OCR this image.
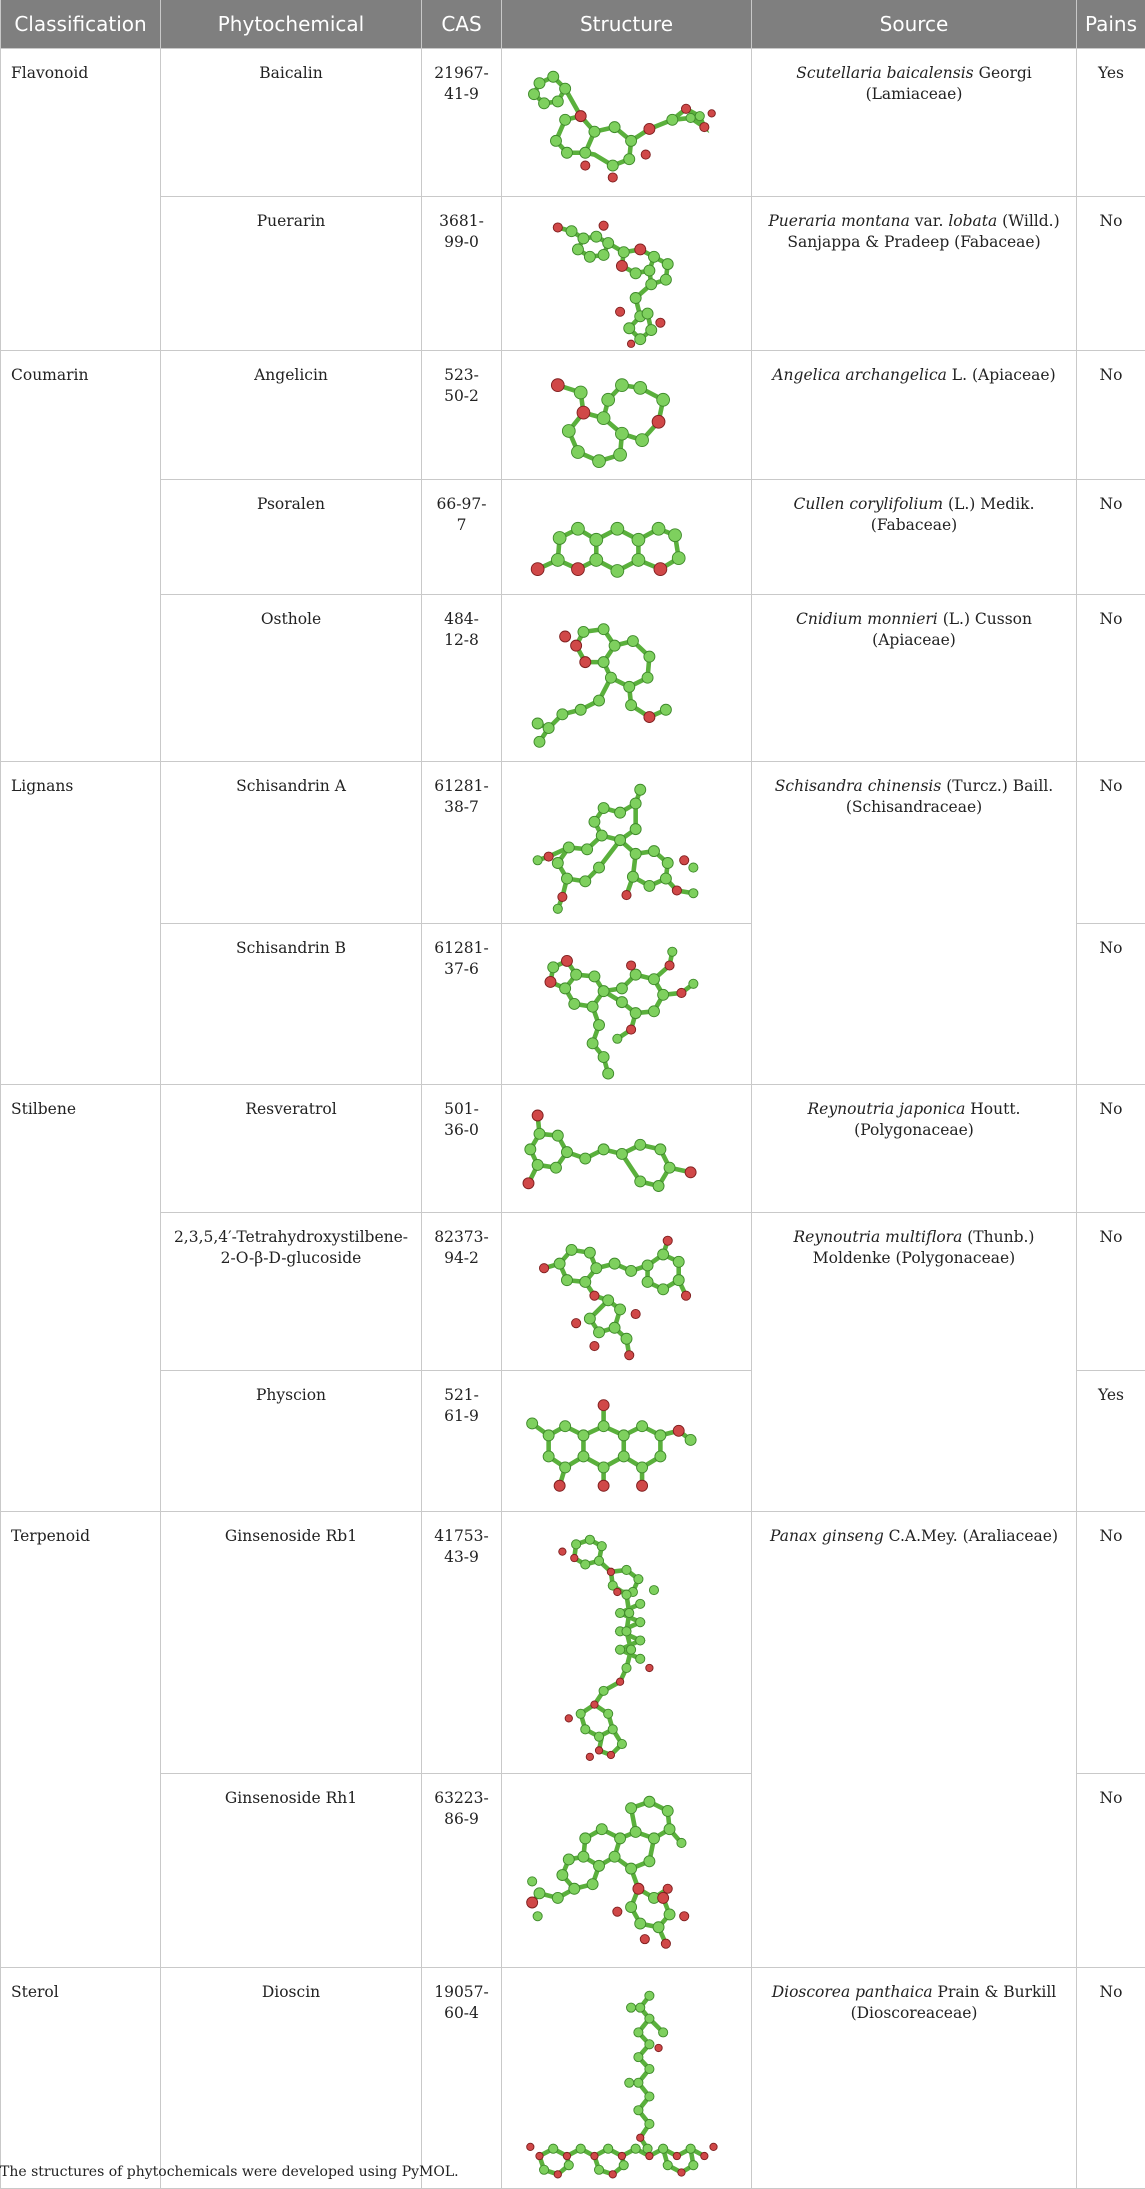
Classification	Phytochemical	CAS	Structure	Source	Pains
Flavonoid	Baicalin	21967-41-9		Scutellaria baicalensis Georgi (Lamiaceae)	Yes
	Puerarin	3681-99-0		Pueraria montana var. lobata (Willd.) Sanjappa & Pradeep (Fabaceae)	No
Coumarin	Angelicin	523-50-2		Angelica archangelica L. (Apiaceae)	No
	Psoralen	66-97-7		Cullen corylifolium (L.) Medik. (Fabaceae)	No
	Osthole	484-12-8		Cnidium monnieri (L.) Cusson (Apiaceae)	No
Lignans	Schisandrin A	61281-38-7		Schisandra chinensis (Turcz.) Baill. (Schisandraceae)	No
	Schisandrin B	61281-37-6			No
Stilbene	Resveratrol	501-36-0		Reynoutria japonica Houtt. (Polygonaceae)	No
	2,3,5,4′-Tetrahydroxystilbene-2-O-β-D-glucoside	82373-94-2		Reynoutria multiflora (Thunb.) Moldenke (Polygonaceae)	No
	Physcion	521-61-9			Yes
Terpenoid	Ginsenoside Rb1	41753-43-9		Panax ginseng C.A.Mey. (Araliaceae)	No
	Ginsenoside Rh1	63223-86-9			No
Sterol	Dioscin	19057-60-4		Dioscorea panthaica Prain & Burkill (Dioscoreaceae)	No
The structures of phytochemicals were developed using PyMOL.
